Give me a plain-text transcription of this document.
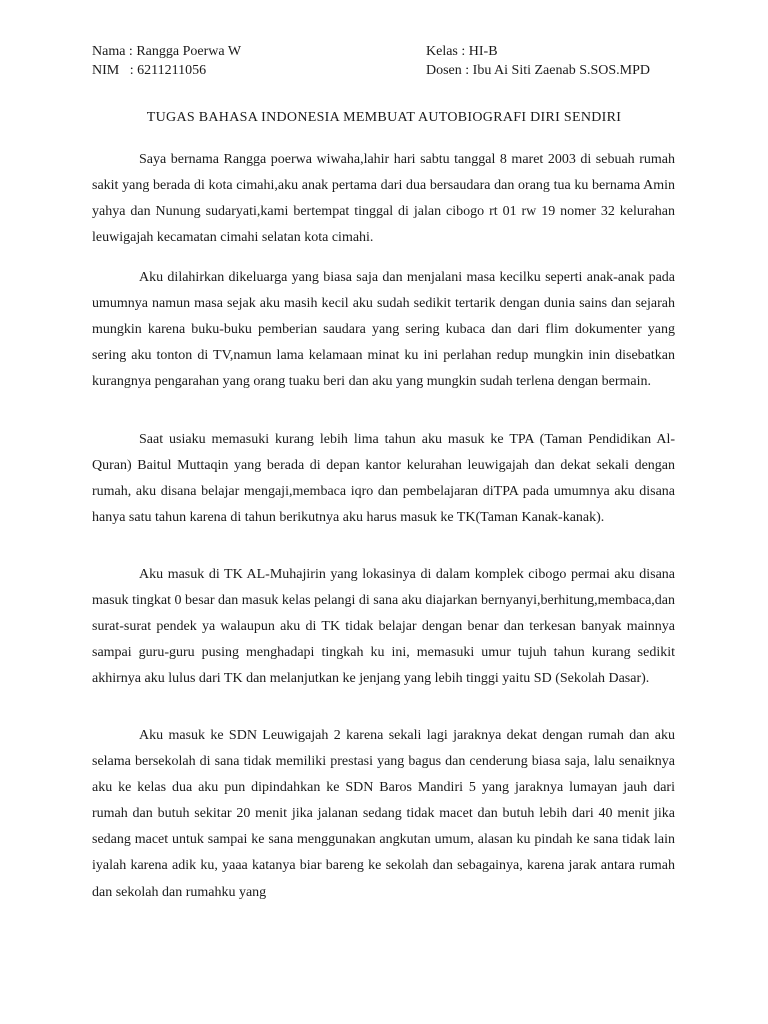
Nama : Rangga Poerwa W	Kelas : HI-B
NIM   : 6211211056	Dosen : Ibu Ai Siti Zaenab S.SOS.MPD
TUGAS BAHASA INDONESIA MEMBUAT AUTOBIOGRAFI DIRI SENDIRI

Saya bernama Rangga poerwa wiwaha,lahir hari sabtu tanggal 8 maret 2003 di sebuah rumah sakit yang berada di kota cimahi,aku anak pertama dari dua bersaudara dan orang tua ku bernama Amin yahya dan Nunung sudaryati,kami bertempat tinggal di jalan cibogo rt 01 rw 19 nomer 32 kelurahan leuwigajah kecamatan cimahi selatan kota cimahi.

Aku dilahirkan dikeluarga yang biasa saja dan menjalani masa kecilku seperti anak-anak pada umumnya namun masa sejak aku masih kecil aku sudah sedikit tertarik dengan dunia sains dan sejarah mungkin karena buku-buku pemberian saudara yang sering kubaca dan dari flim dokumenter yang sering aku tonton di TV,namun lama kelamaan minat ku ini perlahan redup mungkin inin disebatkan kurangnya pengarahan yang orang tuaku beri dan aku yang mungkin sudah terlena dengan bermain.

Saat usiaku memasuki kurang lebih lima tahun aku masuk ke TPA (Taman Pendidikan Al-Quran) Baitul Muttaqin yang berada di depan kantor kelurahan leuwigajah dan dekat sekali dengan rumah, aku disana belajar mengaji,membaca iqro dan pembelajaran diTPA pada umumnya aku disana hanya satu tahun karena di tahun berikutnya aku harus masuk ke TK(Taman Kanak-kanak).

Aku masuk di TK AL-Muhajirin yang lokasinya di dalam komplek cibogo permai aku disana masuk tingkat 0 besar dan masuk kelas pelangi di sana aku diajarkan bernyanyi,berhitung,membaca,dan surat-surat pendek ya walaupun aku di TK tidak belajar dengan benar dan terkesan banyak mainnya sampai guru-guru pusing menghadapi tingkah ku ini, memasuki umur tujuh tahun kurang sedikit akhirnya aku lulus dari TK dan melanjutkan ke jenjang yang lebih tinggi yaitu SD (Sekolah Dasar).

Aku masuk ke SDN Leuwigajah 2 karena sekali lagi jaraknya dekat dengan rumah dan aku selama bersekolah di sana tidak memiliki prestasi yang bagus dan cenderung biasa saja, lalu senaiknya aku ke kelas dua aku pun dipindahkan ke SDN Baros Mandiri 5 yang jaraknya lumayan jauh dari rumah dan butuh sekitar 20 menit jika jalanan sedang tidak macet dan butuh lebih dari 40 menit jika sedang macet untuk sampai ke sana menggunakan angkutan umum, alasan ku pindah ke sana tidak lain iyalah karena adik ku, yaaa katanya biar bareng ke sekolah dan sebagainya, karena jarak antara rumah dan sekolah dan rumahku yang
